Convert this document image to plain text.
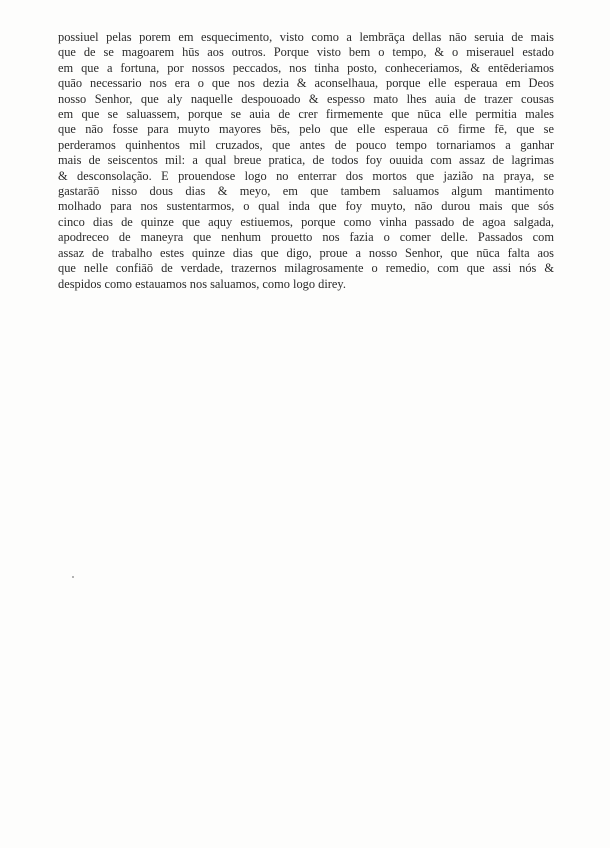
possiuel pelas porem em esquecimento, visto como a lembrāça dellas nāo seruia de mais
que de se magoarem hūs aos outros. Porque visto bem o tempo, & o miserauel estado
em que a fortuna, por nossos peccados, nos tinha posto, conheceriamos, & entēderiamos
quāo necessario nos era o que nos dezia & aconselhaua, porque elle esperaua em Deos
nosso Senhor, que aly naquelle despouoado & espesso mato lhes auia de trazer cousas
em que se saluassem, porque se auia de crer firmemente que nūca elle permitia males
que nāo fosse para muyto mayores bēs, pelo que elle esperaua cō firme fē, que se
perderamos quinhentos mil cruzados, que antes de pouco tempo tornariamos a ganhar
mais de seiscentos mil: a qual breue pratica, de todos foy ouuida com assaz de lagrimas
& desconsolação. E prouendose logo no enterrar dos mortos que jazião na praya, se
gastarāō nisso dous dias & meyo, em que tambem saluamos algum mantimento
molhado para nos sustentarmos, o qual inda que foy muyto, nāo durou mais que sós
cinco dias de quinze que aquy estiuemos, porque como vinha passado de agoa salgada,
apodreceo de maneyra que nenhum prouetto nos fazia o comer delle. Passados com
assaz de trabalho estes quinze dias que digo, proue a nosso Senhor, que nūca falta aos
que nelle confiāō de verdade, trazernos milagrosamente o remedio, com que assi nós &
despidos como estauamos nos saluamos, como logo direy.
